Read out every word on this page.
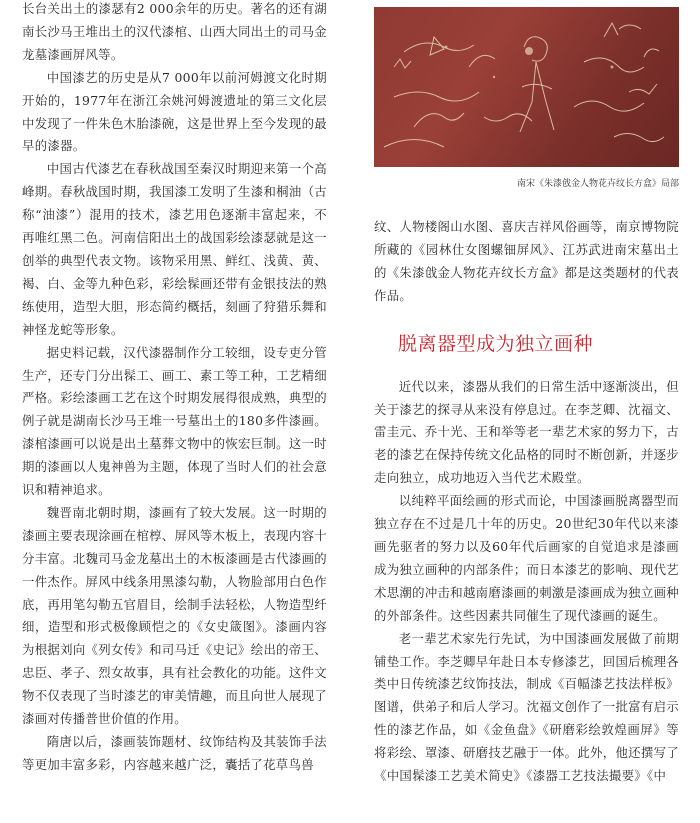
长台关出土的漆瑟有2 000余年的历史。著名的还有湖南长沙马王堆出土的汉代漆棺、山西大同出土的司马金龙墓漆画屏风等。

中国漆艺的历史是从7 000年以前河姆渡文化时期开始的，1977年在浙江余姚河姆渡遗址的第三文化层中发现了一件朱色木胎漆碗，这是世界上至今发现的最早的漆器。

中国古代漆艺在春秋战国至秦汉时期迎来第一个高峰期。春秋战国时期，我国漆工发明了生漆和桐油（古称“油漆”）混用的技术，漆艺用色逐渐丰富起来，不再唯红黑二色。河南信阳出土的战国彩绘漆瑟就是这一创举的典型代表文物。该物采用黑、鲜红、浅黄、黄、褐、白、金等九种色彩，彩绘髹画还带有金银技法的熟练使用，造型大胆，形态简约概括，刻画了狩猎乐舞和神怪龙蛇等形象。

据史料记载，汉代漆器制作分工较细，设专吏分管生产，还专门分出髹工、画工、素工等工种，工艺精细严格。彩绘漆画工艺在这个时期发展得很成熟，典型的例子就是湖南长沙马王堆一号墓出土的180多件漆画。漆棺漆画可以说是出土墓葬文物中的恢宏巨制。这一时期的漆画以人鬼神兽为主题，体现了当时人们的社会意识和精神追求。

魏晋南北朝时期，漆画有了较大发展。这一时期的漆画主要表现涂画在棺椁、屏风等木板上，表现内容十分丰富。北魏司马金龙墓出土的木板漆画是古代漆画的一件杰作。屏风中线条用黑漆勾勒，人物脸部用白色作底，再用笔勾勒五官眉目，绘制手法轻松，人物造型纤细，造型和形式极像顾恺之的《女史箴图》。漆画内容为根据刘向《列女传》和司马迁《史记》绘出的帝王、忠臣、孝子、烈女故事，具有社会教化的功能。这件文物不仅表现了当时漆艺的审美情趣，而且向世人展现了漆画对传播普世价值的作用。

隋唐以后，漆画装饰题材、纹饰结构及其装饰手法等更加丰富多彩，内容越来越广泛，囊括了花草鸟兽

南宋《朱漆戗金人物花卉纹长方盒》局部

纹、人物楼阁山水图、喜庆吉祥风俗画等，南京博物院所藏的《园林仕女图螺钿屏风》、江苏武进南宋墓出土的《朱漆戗金人物花卉纹长方盒》都是这类题材的代表作品。

脱离器型成为独立画种

近代以来，漆器从我们的日常生活中逐渐淡出，但关于漆艺的探寻从来没有停息过。在李芝卿、沈福文、雷圭元、乔十光、王和举等老一辈艺术家的努力下，古老的漆艺在保持传统文化品格的同时不断创新，并逐步走向独立，成功地迈入当代艺术殿堂。

以纯粹平面绘画的形式而论，中国漆画脱离器型而独立存在不过是几十年的历史。20世纪30年代以来漆画先驱者的努力以及60年代后画家的自觉追求是漆画成为独立画种的内部条件；而日本漆艺的影响、现代艺术思潮的冲击和越南磨漆画的刺激是漆画成为独立画种的外部条件。这些因素共同催生了现代漆画的诞生。

老一辈艺术家先行先试，为中国漆画发展做了前期铺垫工作。李芝卿早年赴日本专修漆艺，回国后梳理各类中日传统漆艺纹饰技法，制成《百幅漆艺技法样板》图谱，供弟子和后人学习。沈福文创作了一批富有启示性的漆艺作品，如《金鱼盘》《研磨彩绘敦煌画屏》等将彩绘、罩漆、研磨技艺融于一体。此外，他还撰写了《中国髹漆工艺美术简史》《漆器工艺技法撮要》《中
